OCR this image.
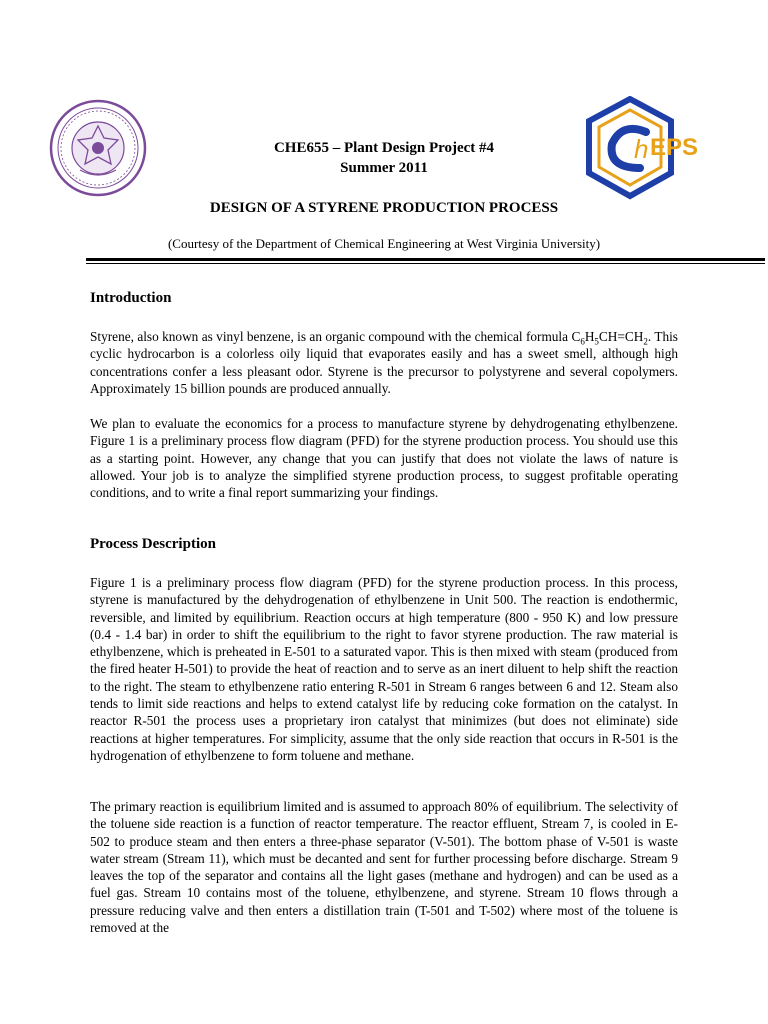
h EPS
CHE655 – Plant Design Project #4
Summer 2011
DESIGN OF A STYRENE PRODUCTION PROCESS
(Courtesy of the Department of Chemical Engineering at West Virginia University)
Introduction
Styrene, also known as vinyl benzene, is an organic compound with the chemical formula $C_6H_5CH=CH_2$. This cyclic hydrocarbon is a colorless oily liquid that evaporates easily and has a sweet smell, although high concentrations confer a less pleasant odor. Styrene is the precursor to polystyrene and several copolymers. Approximately 15 billion pounds are produced annually.
We plan to evaluate the economics for a process to manufacture styrene by dehydrogenating ethylbenzene. Figure 1 is a preliminary process flow diagram (PFD) for the styrene production process. You should use this as a starting point. However, any change that you can justify that does not violate the laws of nature is allowed. Your job is to analyze the simplified styrene production process, to suggest profitable operating conditions, and to write a final report summarizing your findings.
Process Description
Figure 1 is a preliminary process flow diagram (PFD) for the styrene production process. In this process, styrene is manufactured by the dehydrogenation of ethylbenzene in Unit 500. The reaction is endothermic, reversible, and limited by equilibrium. Reaction occurs at high temperature (800 - 950 K) and low pressure (0.4 - 1.4 bar) in order to shift the equilibrium to the right to favor styrene production. The raw material is ethylbenzene, which is preheated in E-501 to a saturated vapor. This is then mixed with steam (produced from the fired heater H-501) to provide the heat of reaction and to serve as an inert diluent to help shift the reaction to the right. The steam to ethylbenzene ratio entering R-501 in Stream 6 ranges between 6 and 12. Steam also tends to limit side reactions and helps to extend catalyst life by reducing coke formation on the catalyst. In reactor R-501 the process uses a proprietary iron catalyst that minimizes (but does not eliminate) side reactions at higher temperatures. For simplicity, assume that the only side reaction that occurs in R-501 is the hydrogenation of ethylbenzene to form toluene and methane.
The primary reaction is equilibrium limited and is assumed to approach 80% of equilibrium. The selectivity of the toluene side reaction is a function of reactor temperature. The reactor effluent, Stream 7, is cooled in E-502 to produce steam and then enters a three-phase separator (V-501). The bottom phase of V-501 is waste water stream (Stream 11), which must be decanted and sent for further processing before discharge. Stream 9 leaves the top of the separator and contains all the light gases (methane and hydrogen) and can be used as a fuel gas. Stream 10 contains most of the toluene, ethylbenzene, and styrene. Stream 10 flows through a pressure reducing valve and then enters a distillation train (T-501 and T-502) where most of the toluene is removed at the
